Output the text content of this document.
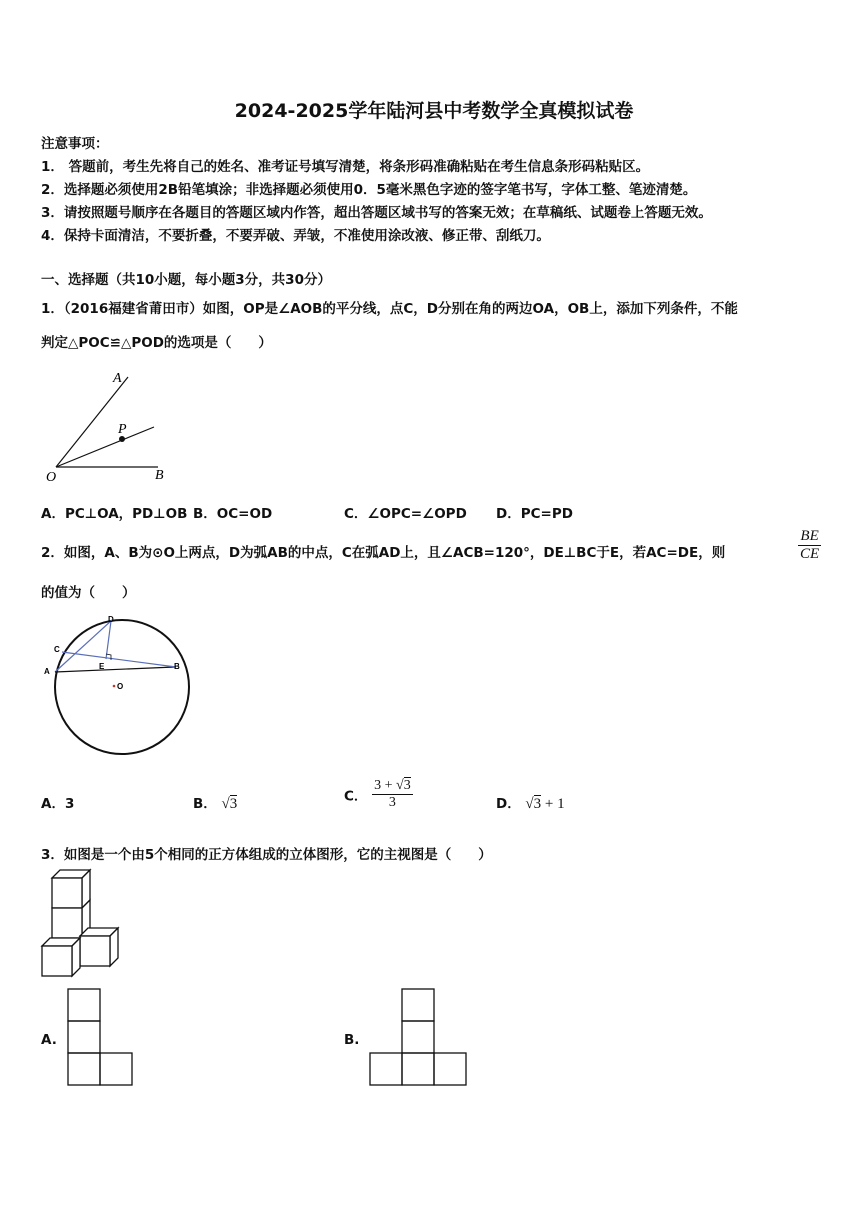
2024-2025学年陆河县中考数学全真模拟试卷
注意事项：
1． 答题前，考生先将自己的姓名、准考证号填写清楚，将条形码准确粘贴在考生信息条形码粘贴区。
2．选择题必须使用2B铅笔填涂；非选择题必须使用0．5毫米黑色字迹的签字笔书写，字体工整、笔迹清楚。
3．请按照题号顺序在各题目的答题区域内作答，超出答题区域书写的答案无效；在草稿纸、试题卷上答题无效。
4．保持卡面清洁，不要折叠，不要弄破、弄皱，不准使用涂改液、修正带、刮纸刀。
一、选择题（共10小题，每小题3分，共30分）
1．（2016福建省莆田市）如图，OP是∠AOB的平分线，点C，D分别在角的两边OA，OB上，添加下列条件，不能
判定△POC≌△POD的选项是（　　）
A
P
O	B
A．PC⊥OA，PD⊥OB B．OC=OD	C．∠OPC=∠OPD D．PC=PD
2．如图，A、B为⊙O上两点，D为弧AB的中点，C在弧AD上，且∠ACB=120°，DE⊥BC于E，若AC=DE，则	$\frac{BE}{CE}$
的值为（　　）
D
C
A
B
E
O
A．3	B． √3	C． $\frac{3 + √3}{3}$	D． √3 + 1
3．如图是一个由5个相同的正方体组成的立体图形，它的主视图是（　　）
A.	B.
